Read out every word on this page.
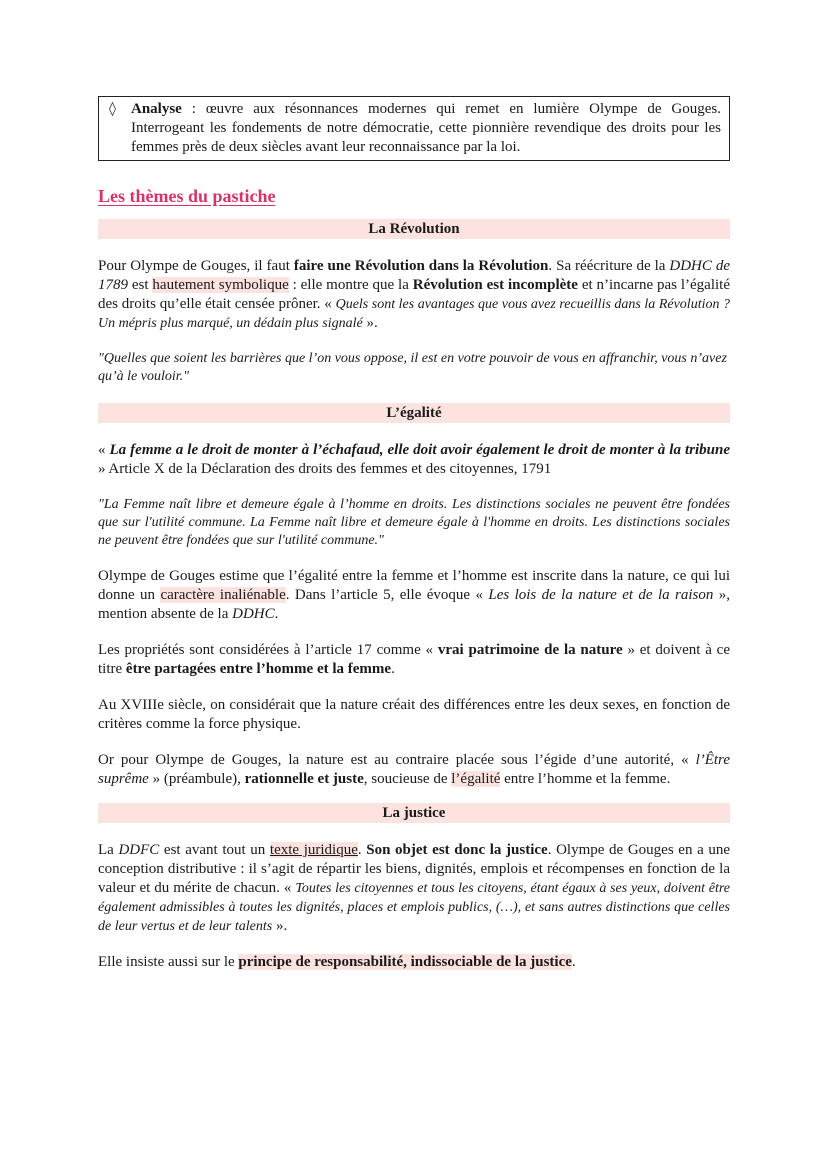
◊ Analyse : œuvre aux résonnances modernes qui remet en lumière Olympe de Gouges. Interrogeant les fondements de notre démocratie, cette pionnière revendique des droits pour les femmes près de deux siècles avant leur reconnaissance par la loi.
Les thèmes du pastiche
La Révolution

Pour Olympe de Gouges, il faut faire une Révolution dans la Révolution. Sa réécriture de la DDHC de 1789 est hautement symbolique : elle montre que la Révolution est incomplète et n’incarne pas l’égalité des droits qu’elle était censée prôner. « Quels sont les avantages que vous avez recueillis dans la Révolution ? Un mépris plus marqué, un dédain plus signalé ».

"Quelles que soient les barrières que l’on vous oppose, il est en votre pouvoir de vous en affranchir, vous n’avez qu’à le vouloir."

L’égalité

« La femme a le droit de monter à l’échafaud, elle doit avoir également le droit de monter à la tribune » Article X de la Déclaration des droits des femmes et des citoyennes, 1791

"La Femme naît libre et demeure égale à l’homme en droits. Les distinctions sociales ne peuvent être fondées que sur l'utilité commune. La Femme naît libre et demeure égale à l'homme en droits. Les distinctions sociales ne peuvent être fondées que sur l'utilité commune."

Olympe de Gouges estime que l’égalité entre la femme et l’homme est inscrite dans la nature, ce qui lui donne un caractère inaliénable. Dans l’article 5, elle évoque « Les lois de la nature et de la raison », mention absente de la DDHC.

Les propriétés sont considérées à l’article 17 comme « vrai patrimoine de la nature » et doivent à ce titre être partagées entre l’homme et la femme.

Au XVIIIe siècle, on considérait que la nature créait des différences entre les deux sexes, en fonction de critères comme la force physique.

Or pour Olympe de Gouges, la nature est au contraire placée sous l’égide d’une autorité, « l’Être suprême » (préambule), rationnelle et juste, soucieuse de l’égalité entre l’homme et la femme.

La justice

La DDFC est avant tout un texte juridique. Son objet est donc la justice. Olympe de Gouges en a une conception distributive : il s’agit de répartir les biens, dignités, emplois et récompenses en fonction de la valeur et du mérite de chacun. « Toutes les citoyennes et tous les citoyens, étant égaux à ses yeux, doivent être également admissibles à toutes les dignités, places et emplois publics, (…), et sans autres distinctions que celles de leur vertus et de leur talents ».

Elle insiste aussi sur le principe de responsabilité, indissociable de la justice.
